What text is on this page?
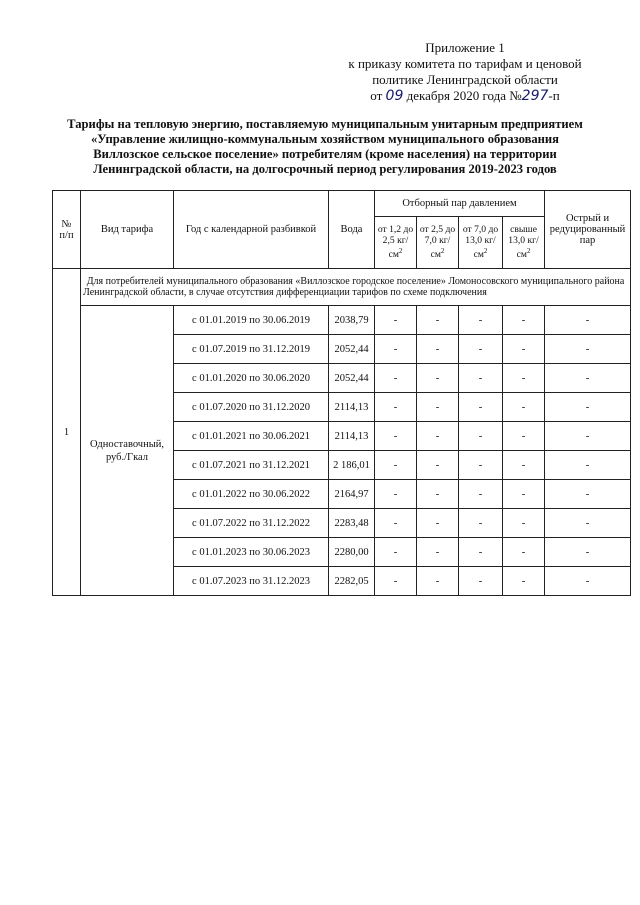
Приложение 1
к приказу комитета по тарифам и ценовой
политике Ленинградской области
от 09 декабря 2020 года №297-п
Тарифы на тепловую энергию, поставляемую муниципальным унитарным предприятием
«Управление жилищно-коммунальным хозяйством муниципального образования
Виллозское сельское поселение» потребителям (кроме населения) на территории
Ленинградской области, на долгосрочный период регулирования 2019-2023 годов
№
п/п	Вид тарифа	Год с календарной разбивкой	Вода	Отборный пар давлением				Острый и редуцированный пар
				от 1,2 до 2,5 $кг/см^2$	от 2,5 до 7,0 $кг/см^2$	от 7,0 до 13,0 $кг/см^2$	свыше 13,0 $кг/см^2$
1	Для потребителей муниципального образования «Виллозское городское поселение» Ломоносовского муниципального района Ленинградской области, в случае отсутствия дифференциации тарифов по схеме подключения							
	Одноставочный, руб./Гкал	с 01.01.2019 по 30.06.2019	2038,79	-	-	-	-	-
		с 01.07.2019 по 31.12.2019	2052,44	-	-	-	-	-
		с 01.01.2020 по 30.06.2020	2052,44	-	-	-	-	-
		с 01.07.2020 по 31.12.2020	2114,13	-	-	-	-	-
		с 01.01.2021 по 30.06.2021	2114,13	-	-	-	-	-
		с 01.07.2021 по 31.12.2021	2 186,01	-	-	-	-	-
		с 01.01.2022 по 30.06.2022	2164,97	-	-	-	-	-
		с 01.07.2022 по 31.12.2022	2283,48	-	-	-	-	-
		с 01.01.2023 по 30.06.2023	2280,00	-	-	-	-	-
		с 01.07.2023 по 31.12.2023	2282,05	-	-	-	-	-
